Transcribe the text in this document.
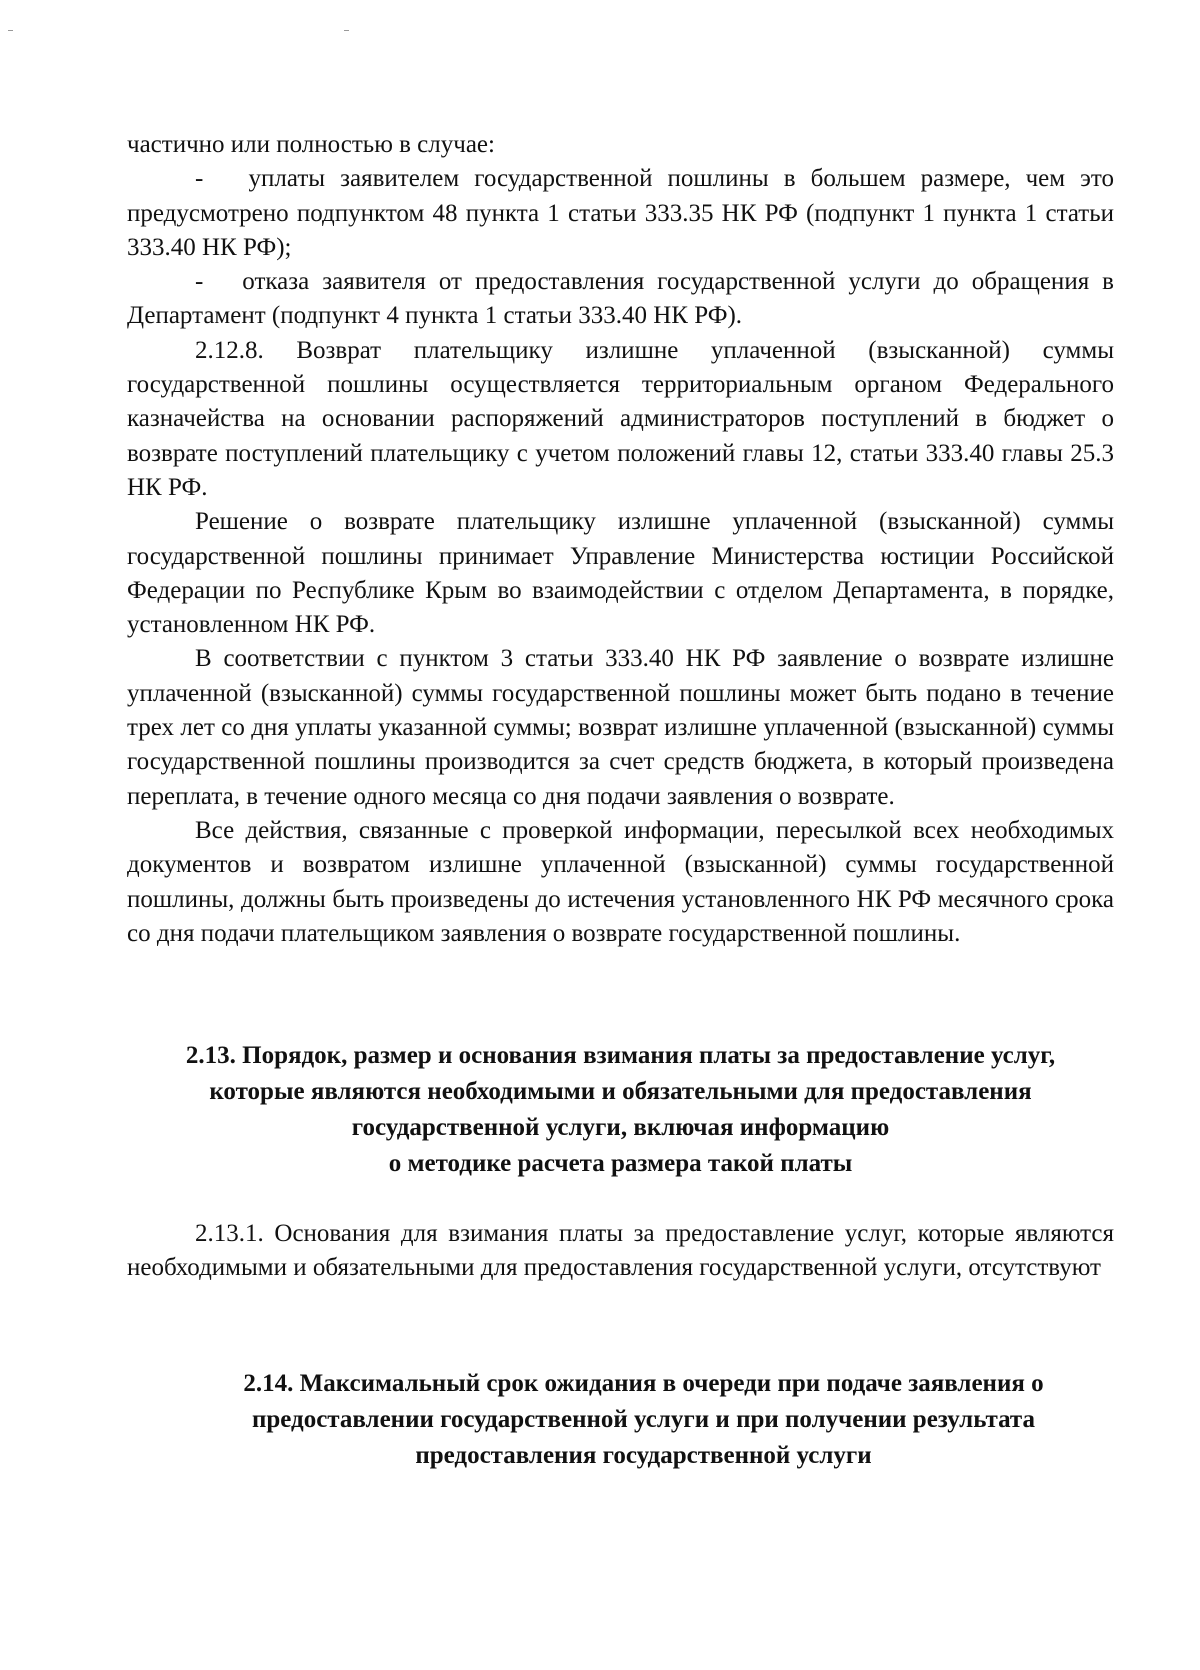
частично или полностью в случае:

-   уплаты заявителем государственной пошлины в большем размере, чем это предусмотрено подпунктом 48 пункта 1 статьи 333.35 НК РФ (подпункт 1 пункта 1 статьи 333.40 НК РФ);

-   отказа заявителя от предоставления государственной услуги до обращения в Департамент (подпункт 4 пункта 1 статьи 333.40 НК РФ).

2.12.8. Возврат плательщику излишне уплаченной (взысканной) суммы государственной пошлины осуществляется территориальным органом Федерального казначейства на основании распоряжений администраторов поступлений в бюджет о возврате поступлений плательщику с учетом положений главы 12, статьи 333.40 главы 25.3 НК РФ.

Решение о возврате плательщику излишне уплаченной (взысканной) суммы государственной пошлины принимает Управление Министерства юстиции Российской Федерации по Республике Крым во взаимодействии с отделом Департамента, в порядке, установленном НК РФ.

В соответствии с пунктом 3 статьи 333.40 НК РФ заявление о возврате излишне уплаченной (взысканной) суммы государственной пошлины может быть подано в течение трех лет со дня уплаты указанной суммы; возврат излишне уплаченной (взысканной) суммы государственной пошлины производится за счет средств бюджета, в который произведена переплата, в течение одного месяца со дня подачи заявления о возврате.

Все действия, связанные с проверкой информации, пересылкой всех необходимых документов и возвратом излишне уплаченной (взысканной) суммы государственной пошлины, должны быть произведены до истечения установленного НК РФ месячного срока со дня подачи плательщиком заявления о возврате государственной пошлины.

2.13. Порядок, размер и основания взимания платы за предоставление услуг,
которые являются необходимыми и обязательными для предоставления
государственной услуги, включая информацию
о методике расчета размера такой платы

2.13.1. Основания для взимания платы за предоставление услуг, которые являются необходимыми и обязательными для предоставления государственной услуги, отсутствуют

2.14. Максимальный срок ожидания в очереди при подаче заявления о
предоставлении государственной услуги и при получении результата
предоставления государственной услуги
